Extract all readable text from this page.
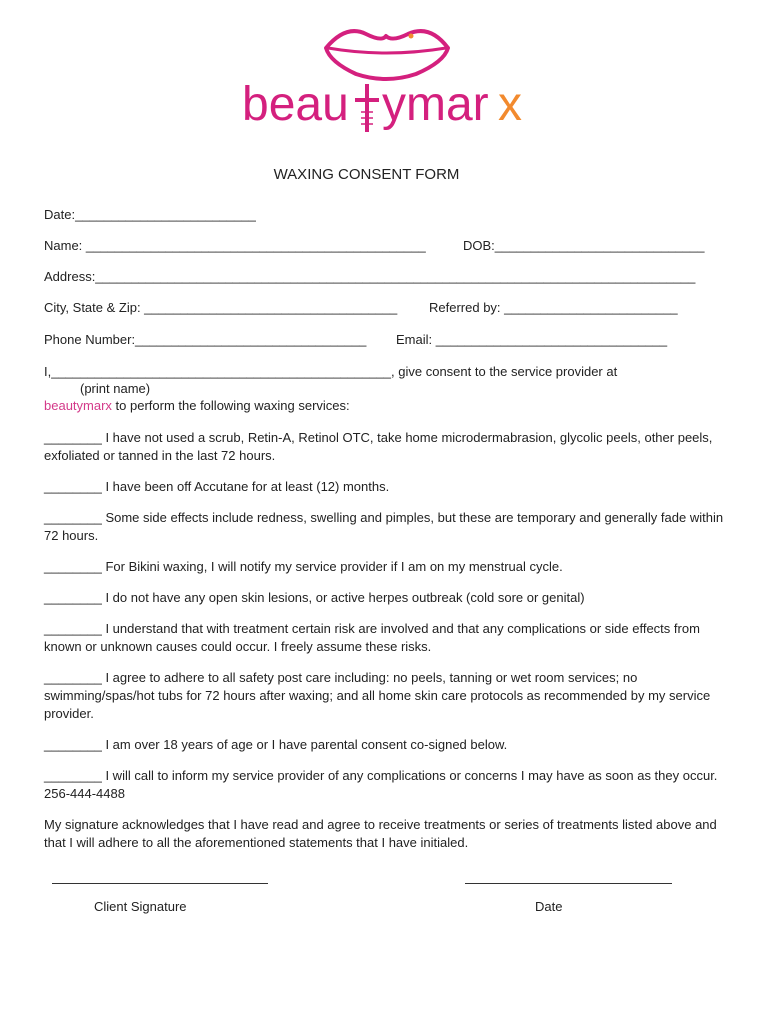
beau ymar x
WAXING CONSENT FORM
Date:_________________________
Name: _______________________________________________	DOB:_____________________________
Address:___________________________________________________________________________________
City, State & Zip: ___________________________________ Referred by: ________________________
Phone Number:________________________________ Email: ________________________________
I,_______________________________________________, give consent to the service provider at
(print name)
beautymarx to perform the following waxing services:
________ I have not used a scrub, Retin-A, Retinol OTC, take home microdermabrasion, glycolic peels, other peels, exfoliated or tanned in the last 72 hours.
________ I have been off Accutane for at least (12) months.
________ Some side effects include redness, swelling and pimples, but these are temporary and generally fade within 72 hours.
________ For Bikini waxing, I will notify my service provider if I am on my menstrual cycle.
________ I do not have any open skin lesions, or active herpes outbreak (cold sore or genital)
________ I understand that with treatment certain risk are involved and that any complications or side effects from known or unknown causes could occur. I freely assume these risks.
________ I agree to adhere to all safety post care including: no peels, tanning or wet room services; no swimming/spas/hot tubs for 72 hours after waxing; and all home skin care protocols as recommended by my service provider.
________ I am over 18 years of age or I have parental consent co-signed below.
________ I will call to inform my service provider of any complications or concerns I may have as soon as they occur. 256-444-4488
My signature acknowledges that I have read and agree to receive treatments or series of treatments listed above and that I will adhere to all the aforementioned statements that I have initialed.
Client Signature	Date
